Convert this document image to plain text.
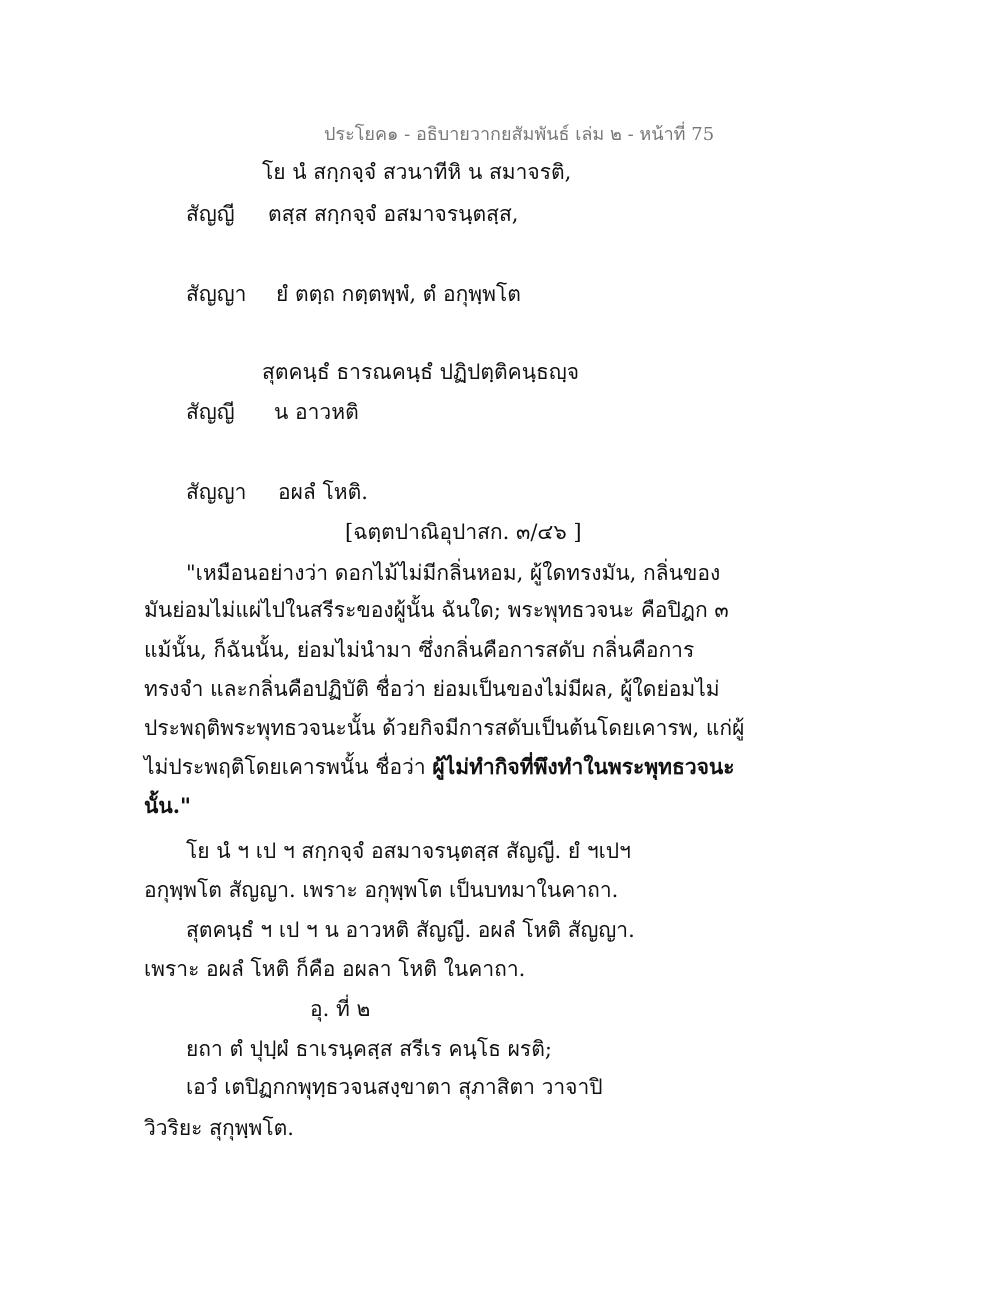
ประโยค๑ - อธิบายวากยสัมพันธ์ เล่ม ๒ - หน้าที่ 75
โย นํ สกฺกจฺจํ สวนาทีหิ น สมาจรติ,
สัญญี ตสฺส สกฺกจฺจํ อสมาจรนฺตสฺส,
สัญญา ยํ ตตฺถ กตฺตพฺพํ, ตํ อกุพฺพโต
สุตคนฺธํ ธารณคนฺธํ ปฏิปตฺติคนฺธญฺจ
สัญญี น อาวหติ
สัญญา อผลํ โหติ.
[ฉตฺตปาณิอุปาสก. ๓/๔๖ ]
"เหมือนอย่างว่า ดอกไม้ไม่มีกลิ่นหอม, ผู้ใดทรงมัน, กลิ่นของ
มันย่อมไม่แผ่ไปในสรีระของผู้นั้น ฉันใด; พระพุทธวจนะ คือปิฎก ๓
แม้นั้น, ก็ฉันนั้น, ย่อมไม่นำมา ซึ่งกลิ่นคือการสดับ กลิ่นคือการ
ทรงจำ และกลิ่นคือปฏิบัติ ชื่อว่า ย่อมเป็นของไม่มีผล, ผู้ใดย่อมไม่
ประพฤติพระพุทธวจนะนั้น ด้วยกิจมีการสดับเป็นต้นโดยเคารพ, แก่ผู้
ไม่ประพฤติโดยเคารพนั้น ชื่อว่า ผู้ไม่ทำกิจที่พึงทำในพระพุทธวจนะ
นั้น."
โย นํ ฯ เป ฯ สกฺกจฺจํ อสมาจรนฺตสฺส สัญญี. ยํ ฯเปฯ
อกุพฺพโต สัญญา. เพราะ อกุพฺพโต เป็นบทมาในคาถา.
สุตคนฺธํ ฯ เป ฯ น อาวหติ สัญญี. อผลํ โหติ สัญญา.
เพราะ อผลํ โหติ ก็คือ อผลา โหติ ในคาถา.
อุ. ที่ ๒
ยถา ตํ ปุปฺผํ ธาเรนฺคสฺส สรีเร คนฺโธ ผรติ;
เอวํ เตปิฏกกพุทฺธวจนสงฺขาตา สุภาสิตา วาจาปิ
วิวริยะ สุกุพฺพโต.
